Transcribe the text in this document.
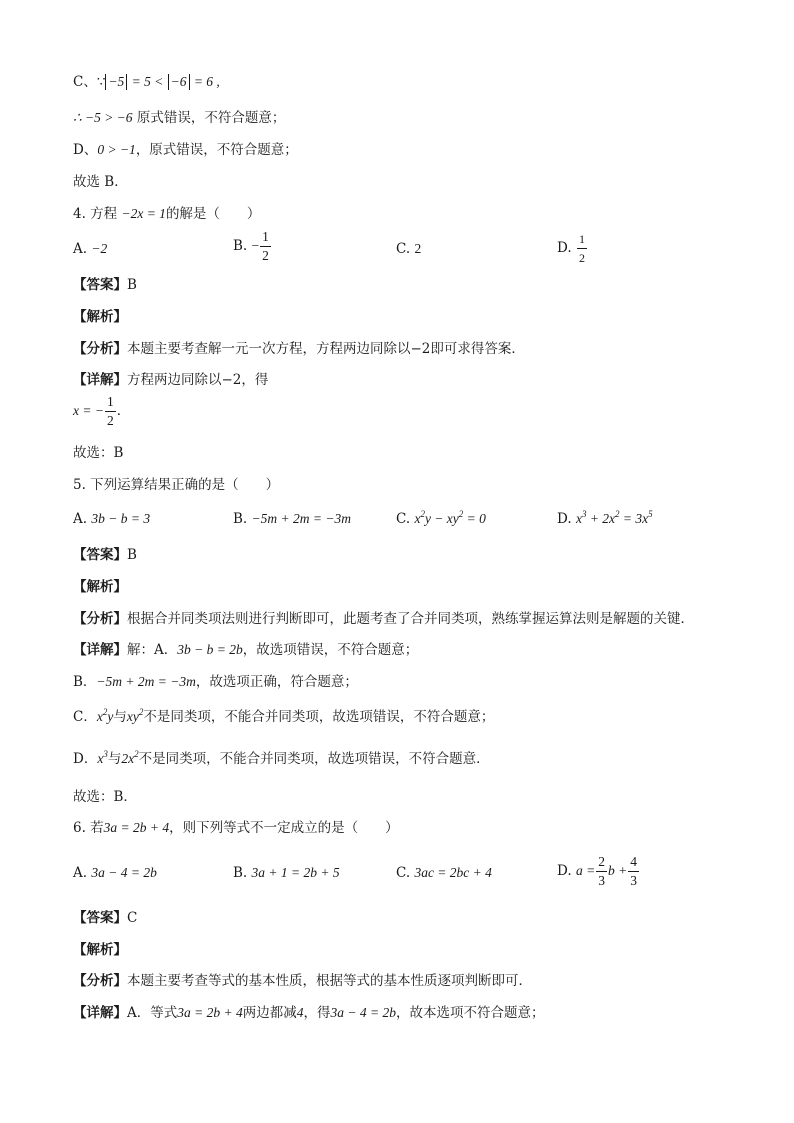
C、∵ −5 = 5 < −6 = 6 ,
∴ −5 > −6 原式错误，不符合题意；
D、0 > −1，原式错误，不符合题意；
故选 B．
4. 方程 −2x = 1的解是（　　）
A. −2	B. − $\frac{1}{2}$	C. 2	D. $\frac{1}{2}$
【答案】B
【解析】
【分析】本题主要考查解一元一次方程，方程两边同除以−2即可求得答案．
【详解】方程两边同除以−2，得
x = − $\frac{1}{2}$ ．
故选：B
5. 下列运算结果正确的是（　　）
A. 3b − b = 3	B. −5m + 2m = −3m	C. $x^2y - xy^2 = 0$	D. $x^3 + 2x^2 = 3x^5$
【答案】B
【解析】
【分析】根据合并同类项法则进行判断即可，此题考查了合并同类项，熟练掌握运算法则是解题的关键．
【详解】解：A．3b − b = 2b，故选项错误，不符合题意；
B．−5m + 2m = −3m，故选项正确，符合题意；
C．$x^2y$与$xy^2$不是同类项，不能合并同类项，故选项错误，不符合题意；
D．$x^3$与$2x^2$不是同类项，不能合并同类项，故选项错误，不符合题意．
故选：B．
6. 若3a = 2b + 4，则下列等式不一定成立的是（　　）
A. 3a − 4 = 2b	B. 3a + 1 = 2b + 5	C. 3ac = 2bc + 4	D. $a = \frac{2}{3}$ $b + \frac{4}{3}$
【答案】C
【解析】
【分析】本题主要考查等式的基本性质，根据等式的基本性质逐项判断即可．
【详解】A．等式3a = 2b + 4两边都减4，得3a − 4 = 2b，故本选项不符合题意；
